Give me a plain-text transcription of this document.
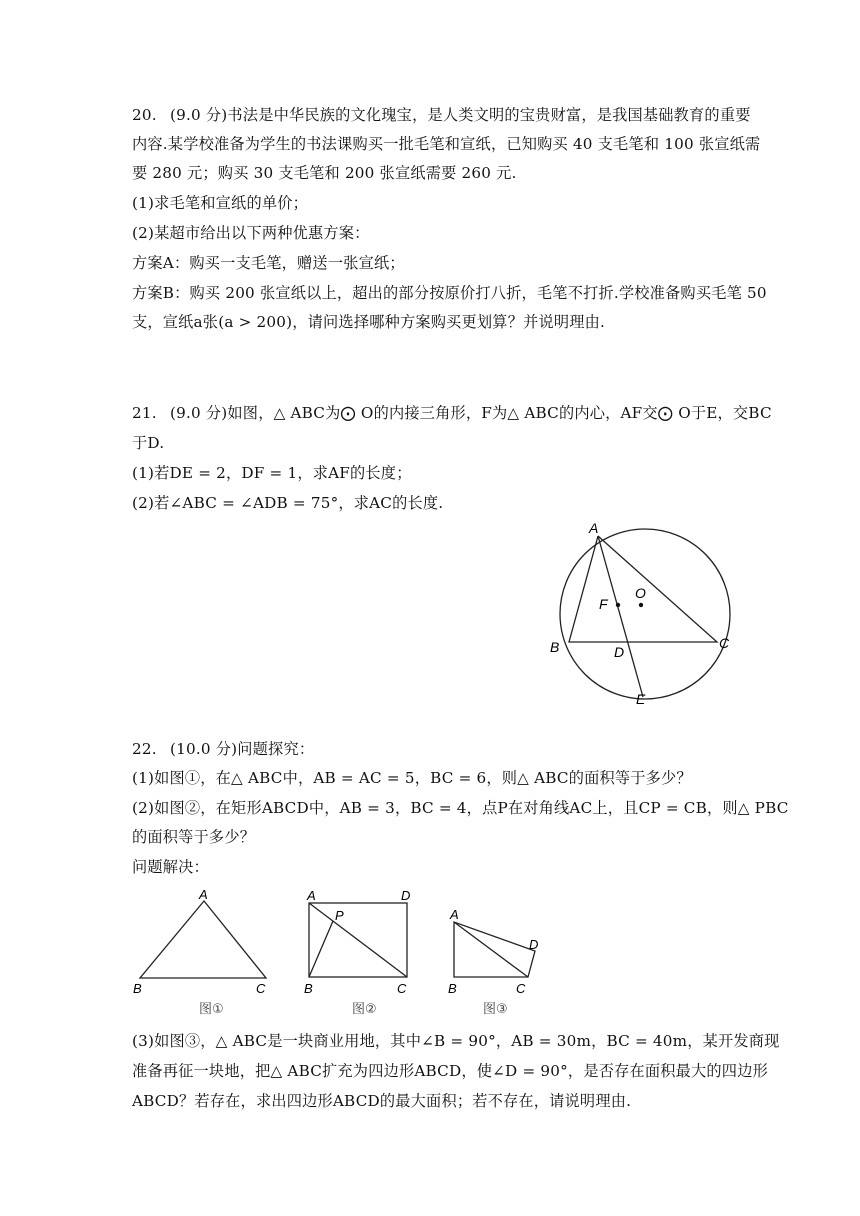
20. (9.0 分)书法是中华民族的文化瑰宝，是人类文明的宝贵财富，是我国基础教育的重要
内容.某学校准备为学生的书法课购买一批毛笔和宣纸，已知购买 40 支毛笔和 100 张宣纸需
要 280 元；购买 30 支毛笔和 200 张宣纸需要 260 元.
(1)求毛笔和宣纸的单价；
(2)某超市给出以下两种优惠方案：
方案A：购买一支毛笔，赠送一张宣纸；
方案B：购买 200 张宣纸以上，超出的部分按原价打八折，毛笔不打折.学校准备购买毛笔 50
支，宣纸a张(a > 200)，请问选择哪种方案购买更划算？并说明理由.
21. (9.0 分)如图，△ ABC为⨀ O的内接三角形，F为△ ABC的内心，AF交⨀ O于E，交BC
于D.
(1)若DE = 2，DF = 1，求AF的长度；
(2)若∠ABC = ∠ADB = 75°，求AC的长度.
A
B	C
D
E
F
O
22. (10.0 分)问题探究：
(1)如图①，在△ ABC中，AB = AC = 5，BC = 6，则△ ABC的面积等于多少？
(2)如图②，在矩形ABCD中，AB = 3，BC = 4，点P在对角线AC上，且CP = CB，则△ PBC
的面积等于多少？
问题解决：
A
B	C
图①
A	D
P
B	C
图②
A
D
B	C
图③
(3)如图③，△ ABC是一块商业用地，其中∠B = 90°，AB = 30m，BC = 40m，某开发商现
准备再征一块地，把△ ABC扩充为四边形ABCD，使∠D = 90°，是否存在面积最大的四边形
ABCD？若存在，求出四边形ABCD的最大面积；若不存在，请说明理由.
